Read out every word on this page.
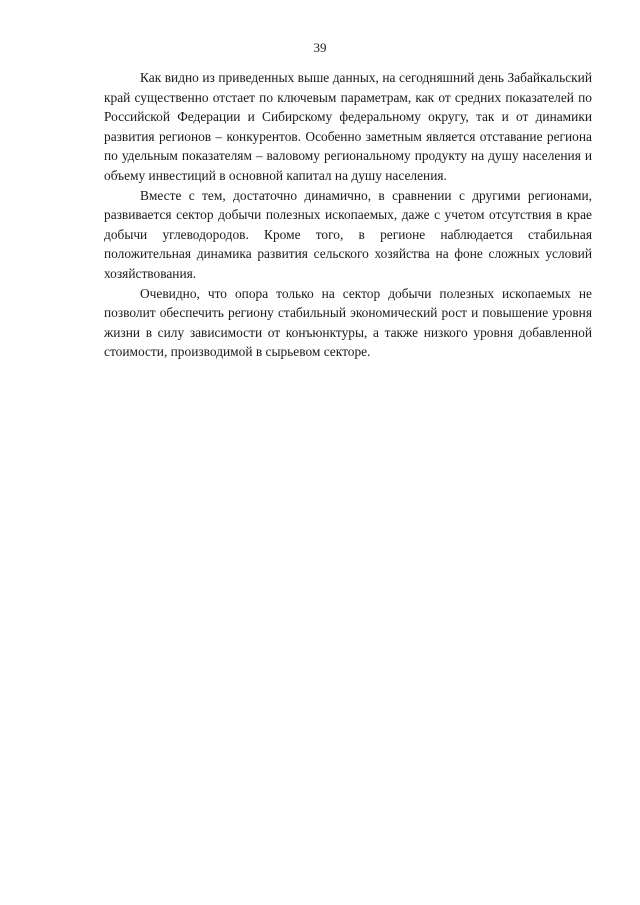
39

Как видно из приведенных выше данных, на сегодняшний день Забайкальский край существенно отстает по ключевым параметрам, как от средних показателей по Российской Федерации и Сибирскому федеральному округу, так и от динамики развития регионов – конкурентов. Особенно заметным является отставание региона по удельным показателям – валовому региональному продукту на душу населения и объему инвестиций в основной капитал на душу населения.

Вместе с тем, достаточно динамично, в сравнении с другими регионами, развивается сектор добычи полезных ископаемых, даже с учетом отсутствия в крае добычи углеводородов. Кроме того, в регионе наблюдается стабильная положительная динамика развития сельского хозяйства на фоне сложных условий хозяйствования.

Очевидно, что опора только на сектор добычи полезных ископаемых не позволит обеспечить региону стабильный экономический рост и повышение уровня жизни в силу зависимости от конъюнктуры, а также низкого уровня добавленной стоимости, производимой в сырьевом секторе.
